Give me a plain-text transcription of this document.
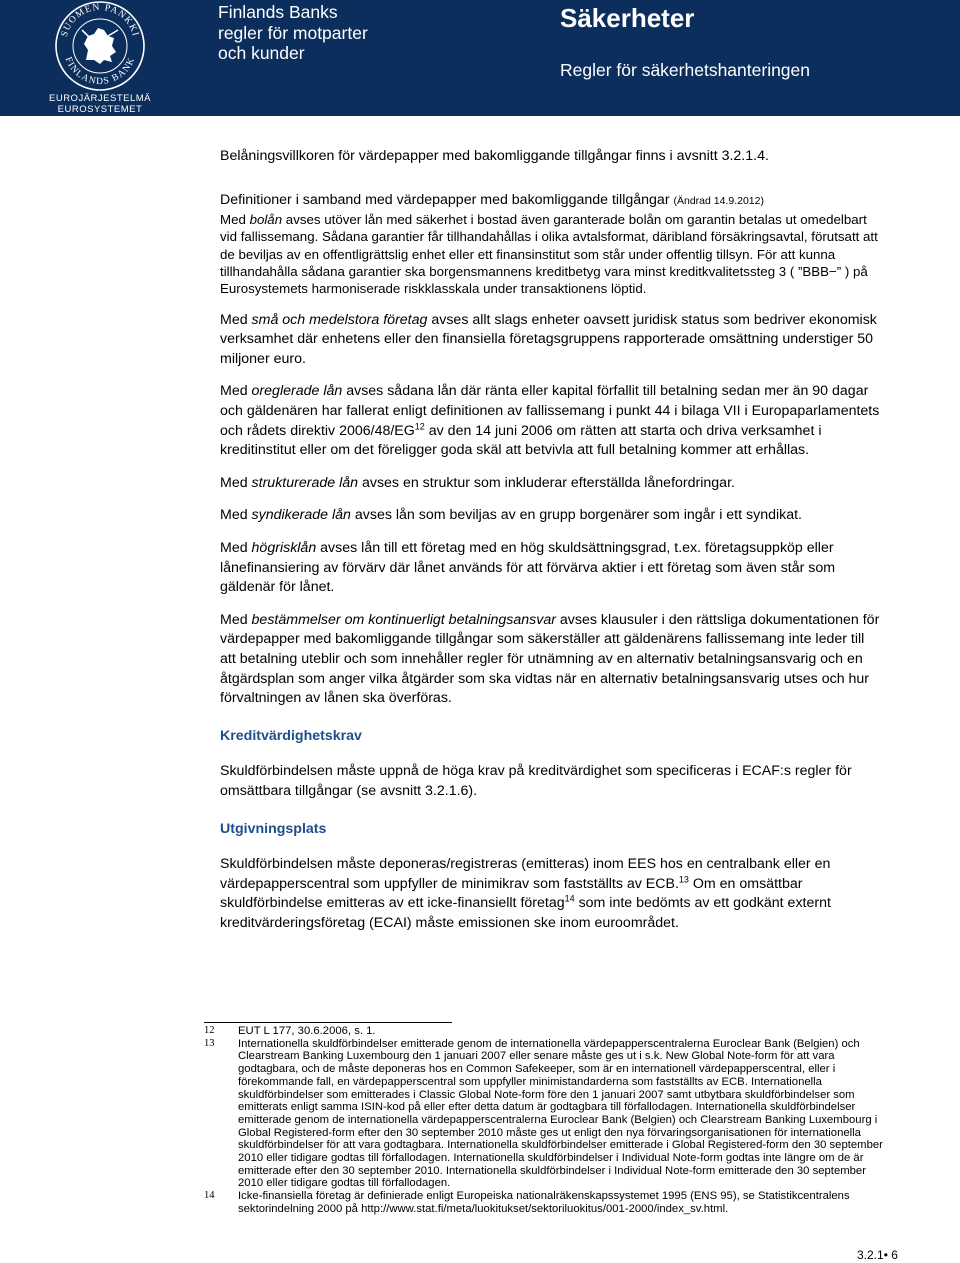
SUOMEN PANKKI
FINLANDS BANK
EUROJÄRJESTELMÄ
EUROSYSTEMET
Finlands Banks
regler för motparter
och kunder
Säkerheter
Regler för säkerhetshanteringen

Belåningsvillkoren för värdepapper med bakomliggande tillgångar finns i avsnitt 3.2.1.4.

Definitioner i samband med värdepapper med bakomliggande tillgångar (Ändrad 14.9.2012)

Med bolån avses utöver lån med säkerhet i bostad även garanterade bolån om garantin betalas ut omedelbart vid fallissemang. Sådana garantier får tillhandahållas i olika avtalsformat, däribland försäkringsavtal, förutsatt att de beviljas av en offentligrättslig enhet eller ett finansinstitut som står under offentlig tillsyn. För att kunna tillhandahålla sådana garantier ska borgensmannens kreditbetyg vara minst kreditkvalitetssteg 3 ( ”BBB−” ) på Eurosystemets harmoniserade riskklasskala under transaktionens löptid.

Med små och medelstora företag avses allt slags enheter oavsett juridisk status som bedriver ekonomisk verksamhet där enhetens eller den finansiella företagsgruppens rapporterade omsättning understiger 50 miljoner euro.

Med oreglerade lån avses sådana lån där ränta eller kapital förfallit till betalning sedan mer än 90 dagar och gäldenären har fallerat enligt definitionen av fallissemang i punkt 44 i bilaga VII i Europaparlamentets och rådets direktiv 2006/48/EG$^{12}$ av den 14 juni 2006 om rätten att starta och driva verksamhet i kreditinstitut eller om det föreligger goda skäl att betvivla att full betalning kommer att erhållas.

Med strukturerade lån avses en struktur som inkluderar efterställda lånefordringar.

Med syndikerade lån avses lån som beviljas av en grupp borgenärer som ingår i ett syndikat.

Med högrisklån avses lån till ett företag med en hög skuldsättningsgrad, t.ex. företagsuppköp eller lånefinansiering av förvärv där lånet används för att förvärva aktier i ett företag som även står som gäldenär för lånet.

Med bestämmelser om kontinuerligt betalningsansvar avses klausuler i den rättsliga dokumentationen för värdepapper med bakomliggande tillgångar som säkerställer att gäldenärens fallissemang inte leder till att betalning uteblir och som innehåller regler för utnämning av en alternativ betalningsansvarig och en åtgärdsplan som anger vilka åtgärder som ska vidtas när en alternativ betalningsansvarig utses och hur förvaltningen av lånen ska överföras.

Kreditvärdighetskrav

Skuldförbindelsen måste uppnå de höga krav på kreditvärdighet som specificeras i ECAF:s regler för omsättbara tillgångar (se avsnitt 3.2.1.6).

Utgivningsplats

Skuldförbindelsen måste deponeras/registreras (emitteras) inom EES hos en centralbank eller en värdepapperscentral som uppfyller de minimikrav som fastställts av ECB.$^{13}$ Om en omsättbar skuldförbindelse emitteras av ett icke-finansiellt företag$^{14}$ som inte bedömts av ett godkänt externt kreditvärderingsföretag (ECAI) måste emissionen ske inom euroområdet.

12	EUT L 177, 30.6.2006, s. 1.
13	Internationella skuldförbindelser emitterade genom de internationella värdepapperscentralerna Euroclear Bank (Belgien) och Clearstream Banking Luxembourg den 1 januari 2007 eller senare måste ges ut i s.k. New Global Note-form för att vara godtagbara, och de måste deponeras hos en Common Safekeeper, som är en internationell värdepapperscentral, eller i förekommande fall, en värdepapperscentral som uppfyller minimistandarderna som fastställts av ECB. Internationella skuldförbindelser som emitterades i Classic Global Note-form före den 1 januari 2007 samt utbytbara skuldförbindelser som emitterats enligt samma ISIN-kod på eller efter detta datum är godtagbara till förfallodagen. Internationella skuldförbindelser emitterade genom de internationella värdepapperscentralerna Euroclear Bank (Belgien) och Clearstream Banking Luxembourg i Global Registered-form efter den 30 september 2010 måste ges ut enligt den nya förvaringsorganisationen för internationella skuldförbindelser för att vara godtagbara. Internationella skuldförbindelser emitterade i Global Registered-form den 30 september 2010 eller tidigare godtas till förfallodagen. Internationella skuldförbindelser i Individual Note-form godtas inte längre om de är emitterade efter den 30 september 2010. Internationella skuldförbindelser i Individual Note-form emitterade den 30 september 2010 eller tidigare godtas till förfallodagen.
14	Icke-finansiella företag är definierade enligt Europeiska nationalräkenskapssystemet 1995 (ENS 95), se Statistikcentralens sektorindelning 2000 på http://www.stat.fi/meta/luokitukset/sektoriluokitus/001-2000/index_sv.html.
3.2.1• 6
